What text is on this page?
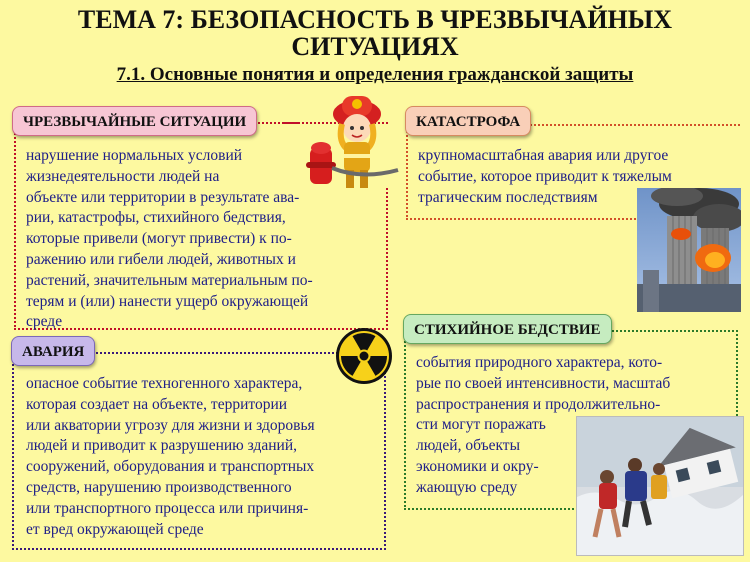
ТЕМА 7: БЕЗОПАСНОСТЬ В ЧРЕЗВЫЧАЙНЫХ
СИТУАЦИЯХ
7.1. Основные понятия и определения гражданской защиты
ЧРЕЗВЫЧАЙНЫЕ СИТУАЦИИ
нарушение нормальных условий
жизнедеятельности людей на
объекте или территории в результате ава-
рии, катастрофы, стихийного бедствия,
которые привели (могут привести) к по-
ражению или гибели людей, животных и
растений, значительным материальным по-
терям и (или) нанести ущерб окружающей
среде
КАТАСТРОФА
крупномасштабная авария или другое
событие, которое приводит к тяжелым
трагическим последствиям
АВАРИЯ
опасное событие техногенного характера,
которая создает на объекте, территории
или акватории угрозу для жизни и здоровья
людей и приводит к разрушению зданий,
сооружений, оборудования и транспортных
средств, нарушению производственного
или транспортного процесса или причиня-
ет вред окружающей среде
СТИХИЙНОЕ БЕДСТВИЕ
события природного характера, кото-
рые по своей интенсивности, масштаб
распространения и продолжительно-
сти могут поражать
людей, объекты
экономики и окру-
жающую среду
